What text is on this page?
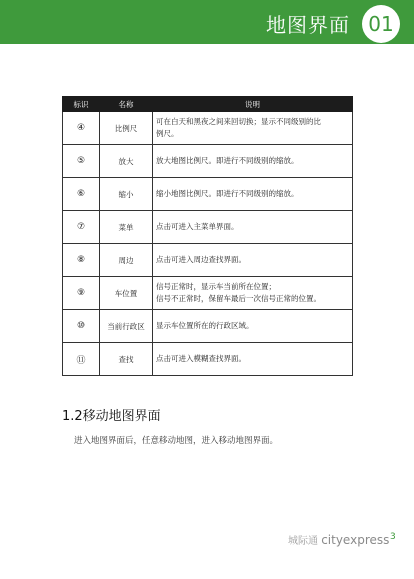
地图界面 01
标识	名称	说明
④	比例尺	可在白天和黑夜之间来回切换；显示不同级别的比
例尺。

⑤	放大	放大地图比例尺。即进行不同级别的缩放。

⑥	缩小	缩小地图比例尺。即进行不同级别的缩放。

⑦	菜单	点击可进入主菜单界面。

⑧	周边	点击可进入周边查找界面。

⑨	车位置	信号正常时，显示车当前所在位置；
信号不正常时，保留车最后一次信号正常的位置。

⑩	当前行政区	显示车位置所在的行政区域。

⑪	查找	点击可进入模糊查找界面。
1.2移动地图界面
进入地图界面后，任意移动地图，进入移动地图界面。
城际通 cityexpress 3
